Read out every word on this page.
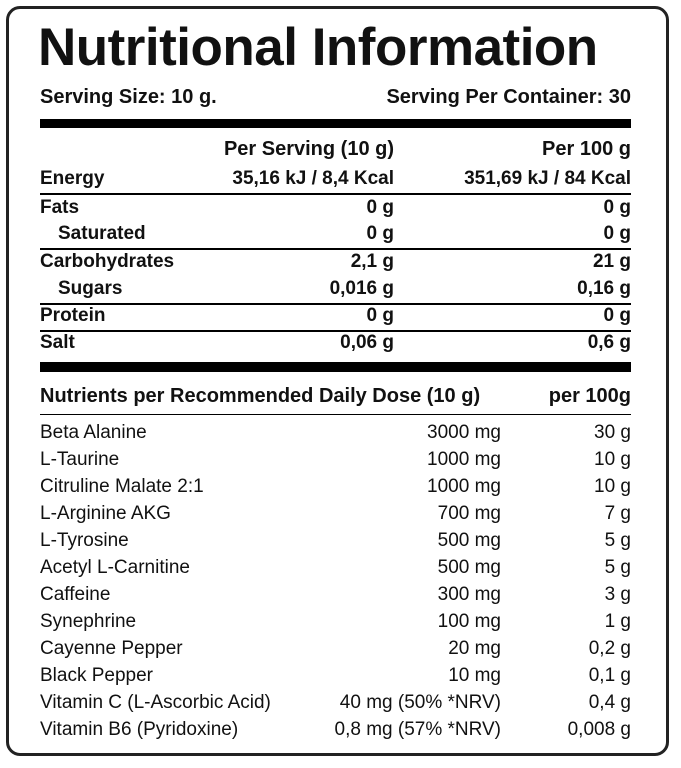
Nutritional Information
Serving Size: 10 g.	Serving Per Container: 30
Per Serving (10 g)	Per 100 g
Energy	35,16 kJ / 8,4 Kcal	351,69 kJ / 84 Kcal
Fats	0 g	0 g
Saturated	0 g	0 g
Carbohydrates	2,1 g	21 g
Sugars	0,016 g	0,16 g
Protein	0 g	0 g
Salt	0,06 g	0,6 g
Nutrients per Recommended Daily Dose (10 g)	per 100g
Beta Alanine	3000 mg	30 g
L-Taurine	1000 mg	10 g
Citruline Malate 2:1	1000 mg	10 g
L-Arginine AKG	700 mg	7 g
L-Tyrosine	500 mg	5 g
Acetyl L-Carnitine	500 mg	5 g
Caffeine	300 mg	3 g
Synephrine	100 mg	1 g
Cayenne Pepper	20 mg	0,2 g
Black Pepper	10 mg	0,1 g
Vitamin C (L-Ascorbic Acid)	40 mg (50% *NRV)	0,4 g
Vitamin B6 (Pyridoxine)	0,8 mg (57% *NRV)	0,008 g
